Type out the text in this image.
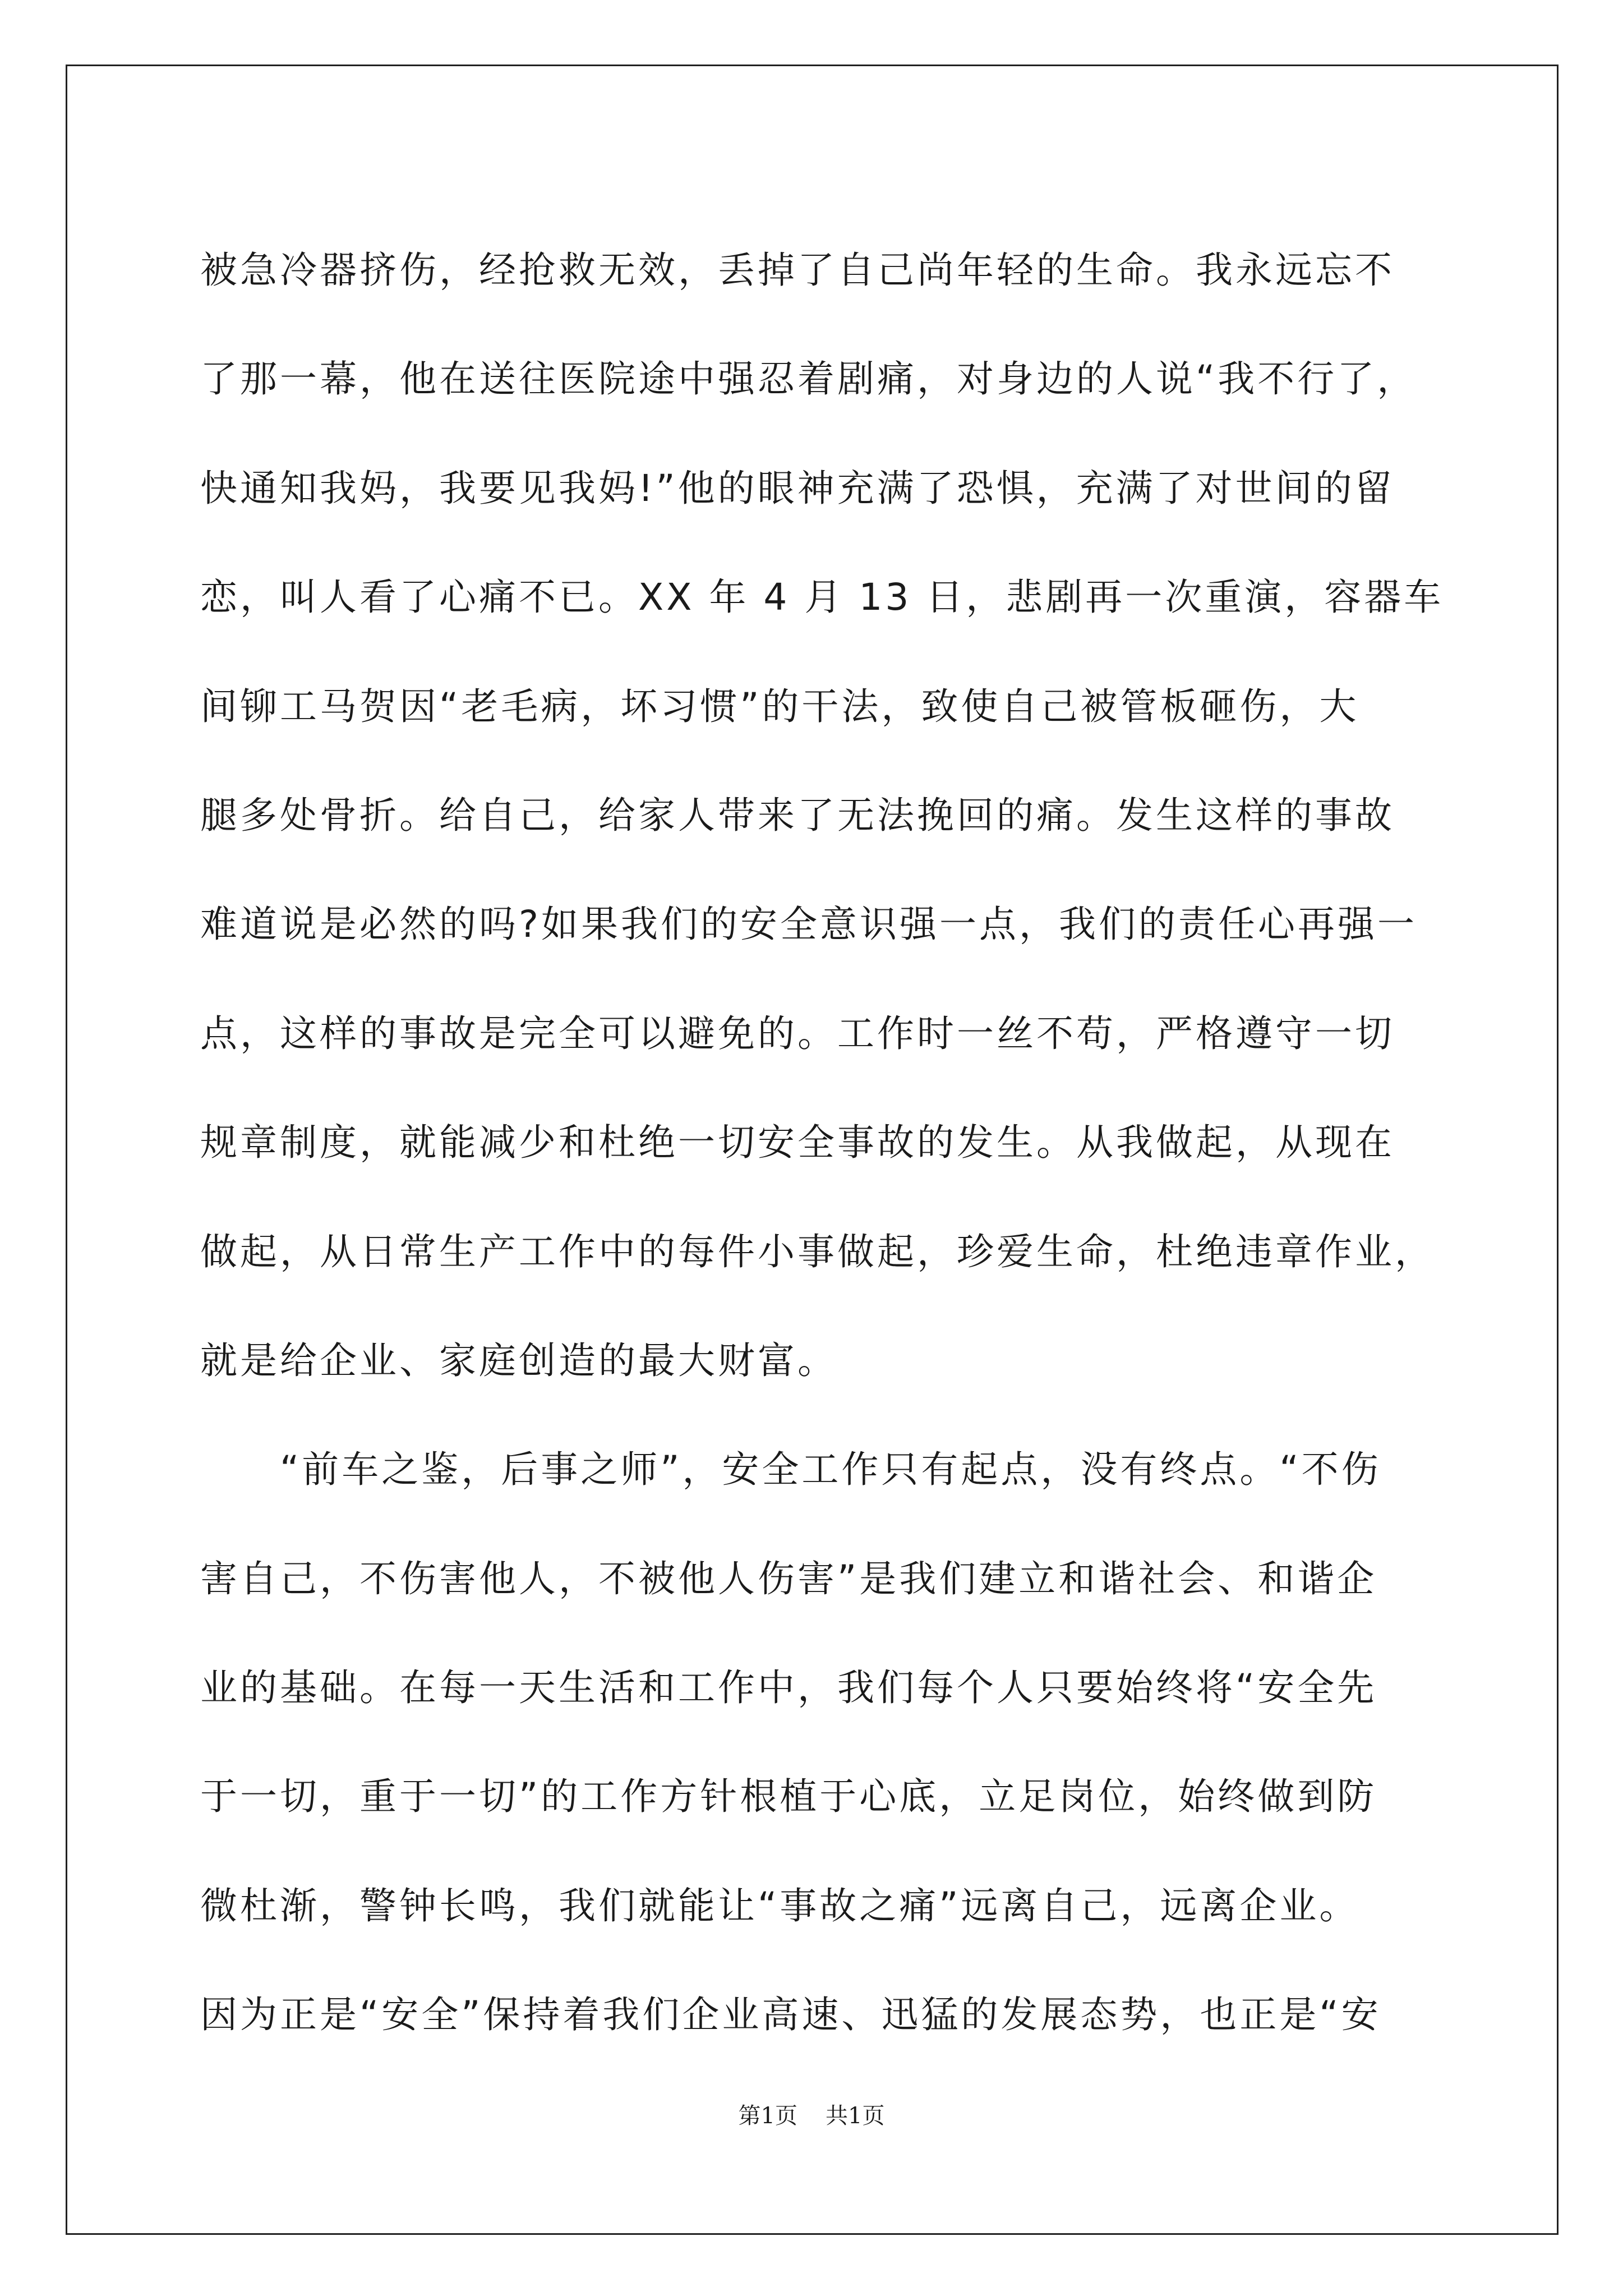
被急冷器挤伤，经抢救无效，丢掉了自己尚年轻的生命。我永远忘不
了那一幕，他在送往医院途中强忍着剧痛，对身边的人说“我不行了，
快通知我妈，我要见我妈!”他的眼神充满了恐惧，充满了对世间的留
恋，叫人看了心痛不已。XX 年 4 月 13 日，悲剧再一次重演，容器车
间铆工马贺因“老毛病，坏习惯”的干法，致使自己被管板砸伤，大
腿多处骨折。给自己，给家人带来了无法挽回的痛。发生这样的事故
难道说是必然的吗?如果我们的安全意识强一点，我们的责任心再强一
点，这样的事故是完全可以避免的。工作时一丝不苟，严格遵守一切
规章制度，就能减少和杜绝一切安全事故的发生。从我做起，从现在
做起，从日常生产工作中的每件小事做起，珍爱生命，杜绝违章作业，
就是给企业、家庭创造的最大财富。
　　“前车之鉴，后事之师”，安全工作只有起点，没有终点。“不伤
害自己，不伤害他人，不被他人伤害”是我们建立和谐社会、和谐企
业的基础。在每一天生活和工作中，我们每个人只要始终将“安全先
于一切，重于一切”的工作方针根植于心底，立足岗位，始终做到防
微杜渐，警钟长鸣，我们就能让“事故之痛”远离自己，远离企业。
因为正是“安全”保持着我们企业高速、迅猛的发展态势，也正是“安
第1页 共1页
